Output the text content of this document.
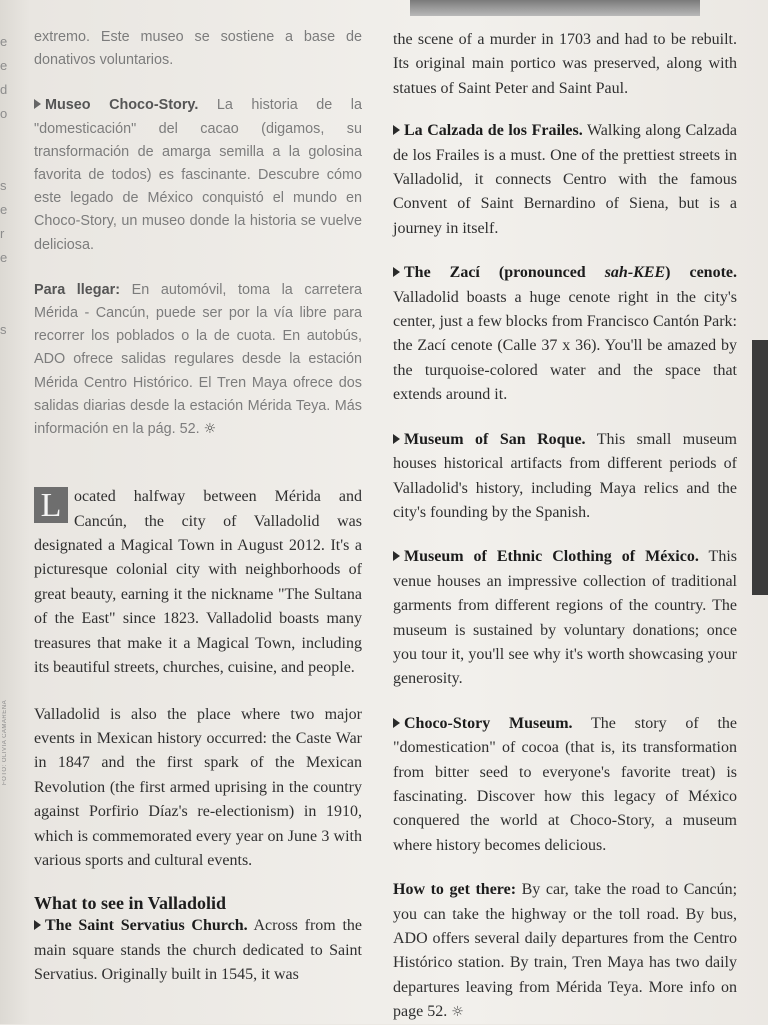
e
e
d
o

s
e
r
e

s
FOTO: OLIVIA CAMARENA

extremo. Este museo se sostiene a base de donativos voluntarios.

Museo Choco-Story. La historia de la "domesticación" del cacao (digamos, su transformación de amarga semilla a la golosina favorita de todos) es fascinante. Descubre cómo este legado de México conquistó el mundo en Choco-Story, un museo donde la historia se vuelve deliciosa.

Para llegar: En automóvil, toma la carretera Mérida - Cancún, puede ser por la vía libre para recorrer los poblados o la de cuota. En autobús, ADO ofrece salidas regulares desde la estación Mérida Centro Histórico. El Tren Maya ofrece dos salidas diarias desde la estación Mérida Teya. Más información en la pág. 52. ☼

L ocated halfway between Mérida and Cancún, the city of Valladolid was designated a Magical Town in August 2012. It's a picturesque colonial city with neighborhoods of great beauty, earning it the nickname "The Sultana of the East" since 1823. Valladolid boasts many treasures that make it a Magical Town, including its beautiful streets, churches, cuisine, and people.

Valladolid is also the place where two major events in Mexican history occurred: the Caste War in 1847 and the first spark of the Mexican Revolution (the first armed uprising in the country against Porfirio Díaz's re-electionism) in 1910, which is commemorated every year on June 3 with various sports and cultural events.

What to see in Valladolid

The Saint Servatius Church. Across from the main square stands the church dedicated to Saint Servatius. Originally built in 1545, it was

the scene of a murder in 1703 and had to be rebuilt. Its original main portico was preserved, along with statues of Saint Peter and Saint Paul.

La Calzada de los Frailes. Walking along Calzada de los Frailes is a must. One of the prettiest streets in Valladolid, it connects Centro with the famous Convent of Saint Bernardino of Siena, but is a journey in itself.

The Zací (pronounced sah-KEE) cenote. Valladolid boasts a huge cenote right in the city's center, just a few blocks from Francisco Cantón Park: the Zací cenote (Calle 37 x 36). You'll be amazed by the turquoise-colored water and the space that extends around it.

Museum of San Roque. This small museum houses historical artifacts from different periods of Valladolid's history, including Maya relics and the city's founding by the Spanish.

Museum of Ethnic Clothing of México. This venue houses an impressive collection of traditional garments from different regions of the country. The museum is sustained by voluntary donations; once you tour it, you'll see why it's worth showcasing your generosity.

Choco-Story Museum. The story of the "domestication" of cocoa (that is, its transformation from bitter seed to everyone's favorite treat) is fascinating. Discover how this legacy of México conquered the world at Choco-Story, a museum where history becomes delicious.

How to get there: By car, take the road to Cancún; you can take the highway or the toll road. By bus, ADO offers several daily departures from the Centro Histórico station. By train, Tren Maya has two daily departures leaving from Mérida Teya. More info on page 52. ☼
